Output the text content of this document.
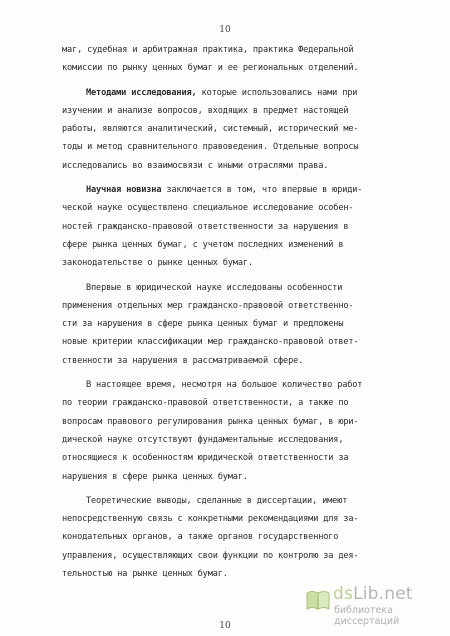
10
маг, судебная и арбитражная практика, практика Федеральной
комиссии по рынку ценных бумаг и ее региональных отделений.
Методами исследования, которые использовались нами при
изучении и анализе вопросов, входящих в предмет настоящей
работы, являются аналитический, системный, исторический ме-
тоды и метод сравнительного правоведения. Отдельные вопросы
исследовались во взаимосвязи с иными отраслями права.
Научная новизна заключается в том, что впервые в юриди-
ческой науке осуществлено специальное исследование особен-
ностей гражданско-правовой ответственности за нарушения в
сфере рынка ценных бумаг, с учетом последних изменений в
законодательстве о рынке ценных бумаг.
Впервые в юридической науке исследованы особенности
применения отдельных мер гражданско-правовой ответственно-
сти за нарушения в сфере рынка ценных бумаг и предложены
новые критерии классификации мер гражданско-правовой ответ-
ственности за нарушения в рассматриваемой сфере.
В настоящее время, несмотря на большое количество работ
по теории гражданско-правовой ответственности, а также по
вопросам правового регулирования рынка ценных бумаг, в юри-
дической науке отсутствуют фундаментальные исследования,
относящиеся к особенностям юридической ответственности за
нарушения в сфере рынка ценных бумаг.
Теоретические выводы, сделанные в диссертации, имеют
непосредственную связь с конкретными рекомендациями для за-
конодательных органов, а также органов государственного
управления, осуществляющих свои функции по контролю за дея-
тельностью на рынке ценных бумаг.
10
dsLib.net
библиотека диссертаций
